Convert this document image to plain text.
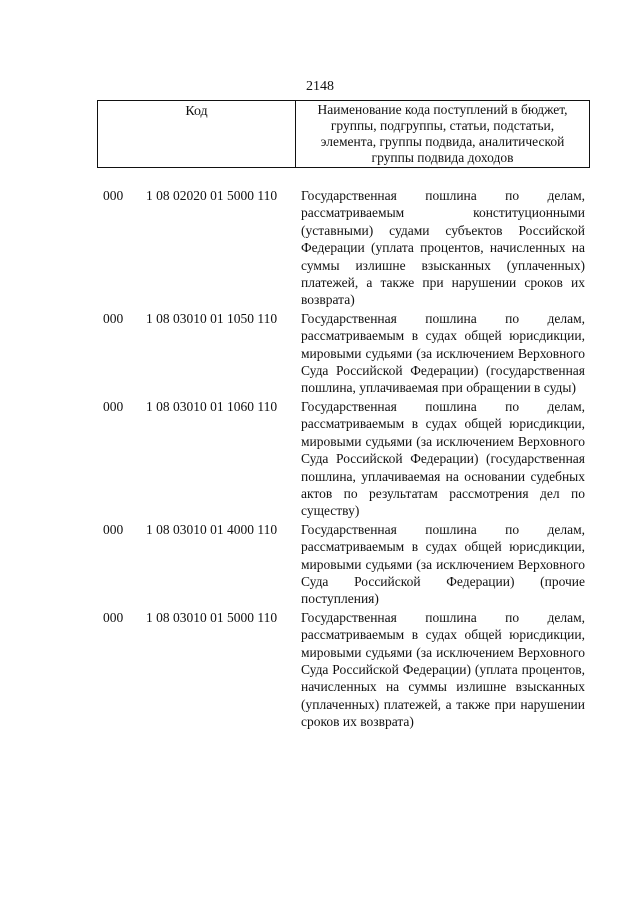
2148
Код	Наименование кода поступлений в бюджет, группы, подгруппы, статьи, подстатьи, элемента, группы подвида, аналитической группы подвида доходов
000 1 08 02020 01 5000 110 Государственная пошлина по делам, рассматриваемым конституционными (уставными) судами субъектов Российской Федерации (уплата процентов, начисленных на суммы излишне взысканных (уплаченных) платежей, а также при нарушении сроков их возврата)
000 1 08 03010 01 1050 110 Государственная пошлина по делам, рассматриваемым в судах общей юрисдикции, мировыми судьями (за исключением Верховного Суда Российской Федерации) (государственная пошлина, уплачиваемая при обращении в суды)
000 1 08 03010 01 1060 110 Государственная пошлина по делам, рассматриваемым в судах общей юрисдикции, мировыми судьями (за исключением Верховного Суда Российской Федерации) (государственная пошлина, уплачиваемая на основании судебных актов по результатам рассмотрения дел по существу)
000 1 08 03010 01 4000 110 Государственная пошлина по делам, рассматриваемым в судах общей юрисдикции, мировыми судьями (за исключением Верховного Суда Российской Федерации) (прочие поступления)
000 1 08 03010 01 5000 110 Государственная пошлина по делам, рассматриваемым в судах общей юрисдикции, мировыми судьями (за исключением Верховного Суда Российской Федерации) (уплата процентов, начисленных на суммы излишне взысканных (уплаченных) платежей, а также при нарушении сроков их возврата)
